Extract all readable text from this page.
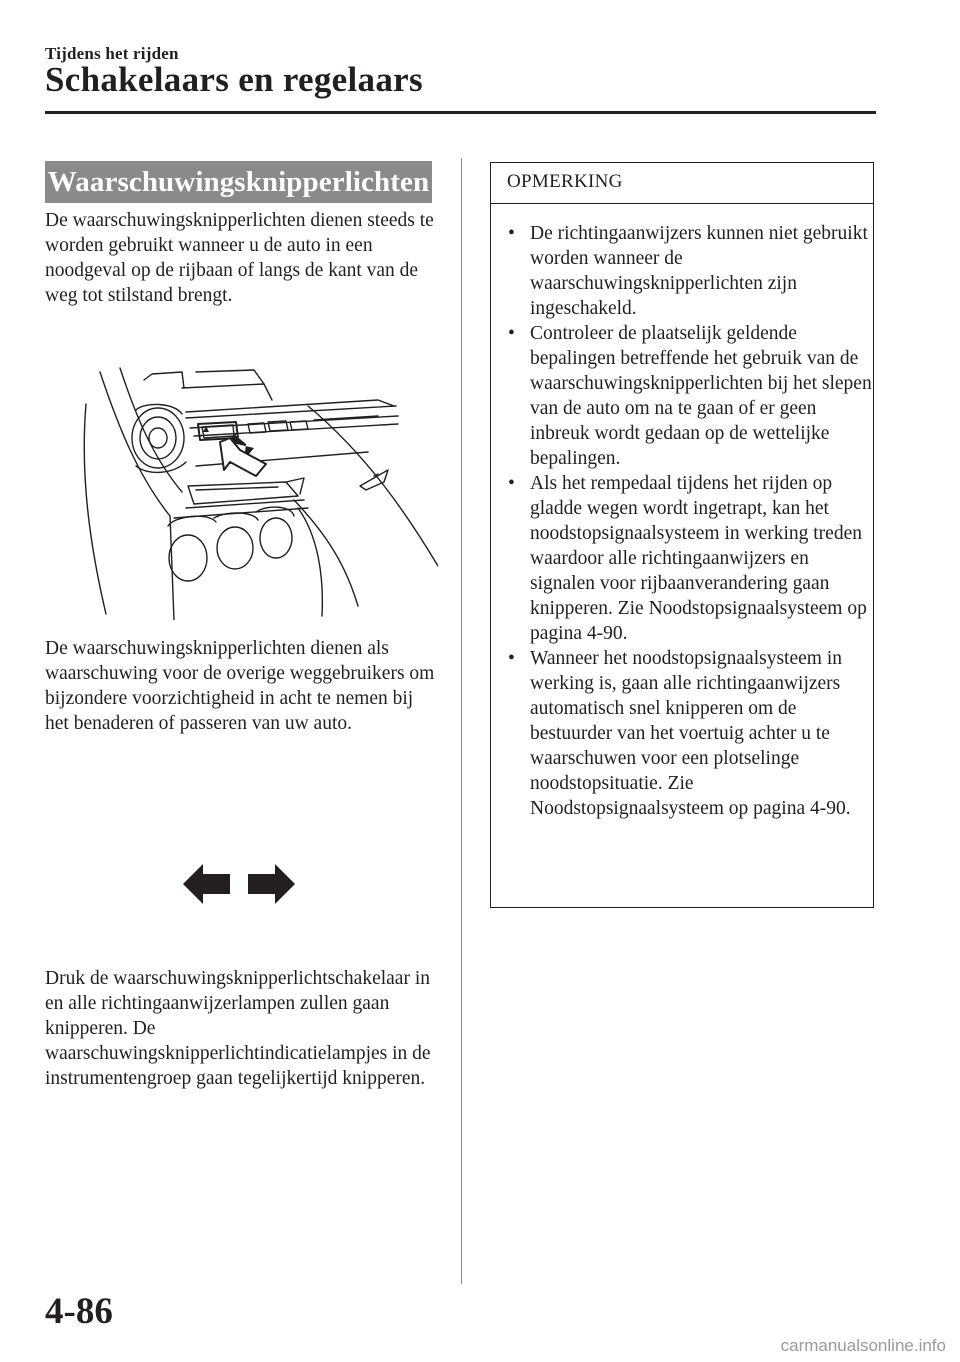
Tijdens het rijden
Schakelaars en regelaars
Waarschuwingsknipperlichten

De waarschuwingsknipperlichten dienen steeds te worden gebruikt wanneer u de auto in een noodgeval op de rijbaan of langs de kant van de weg tot stilstand brengt.

De waarschuwingsknipperlichten dienen als waarschuwing voor de overige weggebruikers om bijzondere voorzichtigheid in acht te nemen bij het benaderen of passeren van uw auto.

Druk de waarschuwingsknipperlichtschakelaar in en alle richtingaanwijzerlampen zullen gaan knipperen. De waarschuwingsknipperlichtindicatielampjes in de instrumentengroep gaan tegelijkertijd knipperen.

OPMERKING
• De richtingaanwijzers kunnen niet gebruikt worden wanneer de waarschuwingsknipperlichten zijn ingeschakeld.
• Controleer de plaatselijk geldende bepalingen betreffende het gebruik van de waarschuwingsknipperlichten bij het slepen van de auto om na te gaan of er geen inbreuk wordt gedaan op de wettelijke bepalingen.
• Als het rempedaal tijdens het rijden op gladde wegen wordt ingetrapt, kan het noodstopsignaalsysteem in werking treden waardoor alle richtingaanwijzers en signalen voor rijbaanverandering gaan knipperen. Zie Noodstopsignaalsysteem op pagina 4-90.
• Wanneer het noodstopsignaalsysteem in werking is, gaan alle richtingaanwijzers automatisch snel knipperen om de bestuurder van het voertuig achter u te waarschuwen voor een plotselinge noodstopsituatie. Zie Noodstopsignaalsysteem op pagina 4-90.
4-86
carmanualsonline.info
